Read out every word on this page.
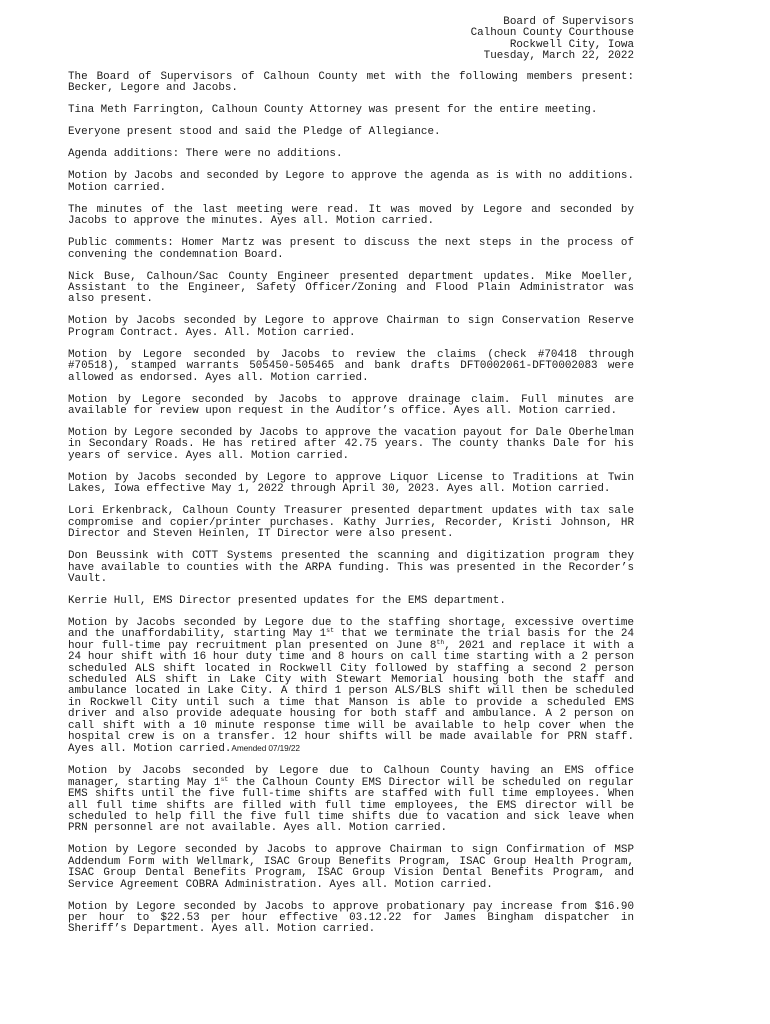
Board of Supervisors
Calhoun County Courthouse
Rockwell City, Iowa
Tuesday, March 22, 2022

The Board of Supervisors of Calhoun County met with the following members present: Becker, Legore and Jacobs.

Tina Meth Farrington, Calhoun County Attorney was present for the entire meeting.

Everyone present stood and said the Pledge of Allegiance.

Agenda additions: There were no additions.

Motion by Jacobs and seconded by Legore to approve the agenda as is with no additions. Motion carried.

The minutes of the last meeting were read. It was moved by Legore and seconded by Jacobs to approve the minutes. Ayes all. Motion carried.

Public comments: Homer Martz was present to discuss the next steps in the process of convening the condemnation Board.

Nick Buse, Calhoun/Sac County Engineer presented department updates. Mike Moeller, Assistant to the Engineer, Safety Officer/Zoning and Flood Plain Administrator was also present.

Motion by Jacobs seconded by Legore to approve Chairman to sign Conservation Reserve Program Contract. Ayes. All. Motion carried.

Motion by Legore seconded by Jacobs to review the claims (check #70418 through #70518), stamped warrants 505450-505465 and bank drafts DFT0002061-DFT0002083 were allowed as endorsed. Ayes all. Motion carried.

Motion by Legore seconded by Jacobs to approve drainage claim. Full minutes are available for review upon request in the Auditor’s office. Ayes all. Motion carried.

Motion by Legore seconded by Jacobs to approve the vacation payout for Dale Oberhelman in Secondary Roads. He has retired after 42.75 years. The county thanks Dale for his years of service. Ayes all. Motion carried.

Motion by Jacobs seconded by Legore to approve Liquor License to Traditions at Twin Lakes, Iowa effective May 1, 2022 through April 30, 2023. Ayes all. Motion carried.

Lori Erkenbrack, Calhoun County Treasurer presented department updates with tax sale compromise and copier/printer purchases. Kathy Jurries, Recorder, Kristi Johnson, HR Director and Steven Heinlen, IT Director were also present.

Don Beussink with COTT Systems presented the scanning and digitization program they have available to counties with the ARPA funding. This was presented in the Recorder’s Vault.

Kerrie Hull, EMS Director presented updates for the EMS department.

Motion by Jacobs seconded by Legore due to the staffing shortage, excessive overtime and the unaffordability, starting May 1st that we terminate the trial basis for the 24 hour full-time pay recruitment plan presented on June 8th, 2021 and replace it with a 24 hour shift with 16 hour duty time and 8 hours on call time starting with a 2 person scheduled ALS shift located in Rockwell City followed by staffing a second 2 person scheduled ALS shift in Lake City with Stewart Memorial housing both the staff and ambulance located in Lake City. A third 1 person ALS/BLS shift will then be scheduled in Rockwell City until such a time that Manson is able to provide a scheduled EMS driver and also provide adequate housing for both staff and ambulance. A 2 person on call shift with a 10 minute response time will be available to help cover when the hospital crew is on a transfer. 12 hour shifts will be made available for PRN staff. Ayes all. Motion carried.Amended 07/19/22

Motion by Jacobs seconded by Legore due to Calhoun County having an EMS office manager, starting May 1st the Calhoun County EMS Director will be scheduled on regular EMS shifts until the five full-time shifts are staffed with full time employees. When all full time shifts are filled with full time employees, the EMS director will be scheduled to help fill the five full time shifts due to vacation and sick leave when PRN personnel are not available. Ayes all. Motion carried.

Motion by Legore seconded by Jacobs to approve Chairman to sign Confirmation of MSP Addendum Form with Wellmark, ISAC Group Benefits Program, ISAC Group Health Program, ISAC Group Dental Benefits Program, ISAC Group Vision Dental Benefits Program, and Service Agreement COBRA Administration. Ayes all. Motion carried.

Motion by Legore seconded by Jacobs to approve probationary pay increase from $16.90 per hour to $22.53 per hour effective 03.12.22 for James Bingham dispatcher in Sheriff’s Department. Ayes all. Motion carried.
